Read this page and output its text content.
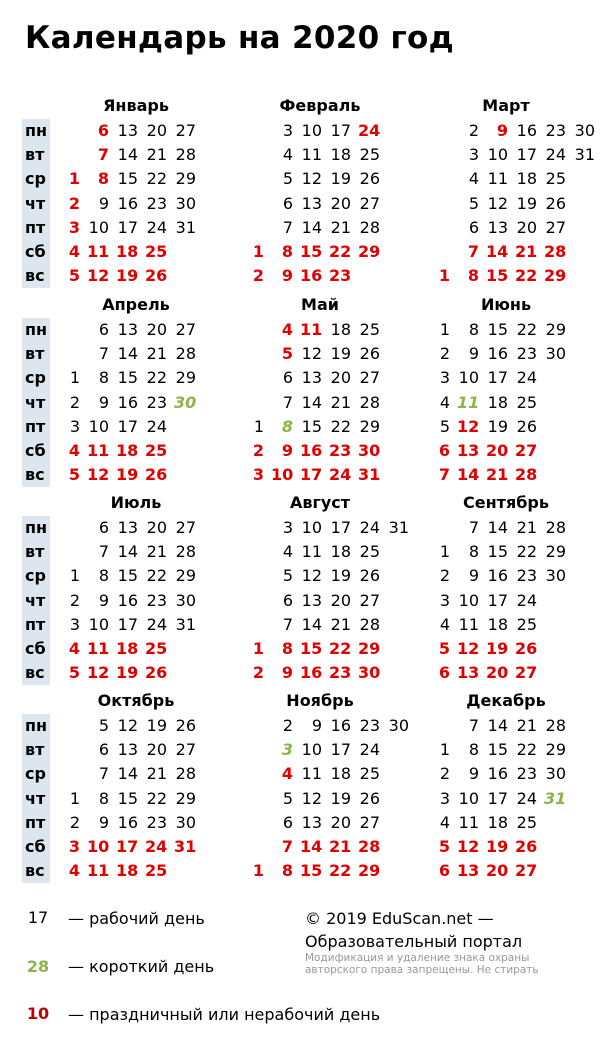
Календарь на 2020 год
пн
вт
ср
чт
пт
сб
вс
пн
вт
ср
чт
пт
сб
вс
пн
вт
ср
чт
пт
сб
вс
пн
вт
ср
чт
пт
сб
вс
Январь
1
2
3
4
5
6
7
8
9
10
11
12
13
14
15
16
17
18
19
20
21
22
23
24
25
26
27
28
29
30
31
Февраль
1
2
3
4
5
6
7
8
9
10
11
12
13
14
15
16
17
18
19
20
21
22
23
24
25
26
27
28
29
Март
1
2
3
4
5
6
7
8
9
10
11
12
13
14
15
16
17
18
19
20
21
22
23
24
25
26
27
28
29
30
31
Апрель
1
2
3
4
5
6
7
8
9
10
11
12
13
14
15
16
17
18
19
20
21
22
23
24
25
26
27
28
29
30
Май
1
2
3
4
5
6
7
8
9
10
11
12
13
14
15
16
17
18
19
20
21
22
23
24
25
26
27
28
29
30
31
Июнь
1
2
3
4
5
6
7
8
9
10
11
12
13
14
15
16
17
18
19
20
21
22
23
24
25
26
27
28
29
30
Июль
1
2
3
4
5
6
7
8
9
10
11
12
13
14
15
16
17
18
19
20
21
22
23
24
25
26
27
28
29
30
31
Август
1
2
3
4
5
6
7
8
9
10
11
12
13
14
15
16
17
18
19
20
21
22
23
24
25
26
27
28
29
30
31
Сентябрь
1
2
3
4
5
6
7
8
9
10
11
12
13
14
15
16
17
18
19
20
21
22
23
24
25
26
27
28
29
30
Октябрь
1
2
3
4
5
6
7
8
9
10
11
12
13
14
15
16
17
18
19
20
21
22
23
24
25
26
27
28
29
30
31
Ноябрь
1
2
3
4
5
6
7
8
9
10
11
12
13
14
15
16
17
18
19
20
21
22
23
24
25
26
27
28
29
30
Декабрь
1
2
3
4
5
6
7
8
9
10
11
12
13
14
15
16
17
18
19
20
21
22
23
24
25
26
27
28
29
30
31
17	— рабочий день
28 — короткий день
10 — праздничный или нерабочий день
© 2019 EduScan.net —
Образовательный портал
Модификация и удаление знака охраны
авторского права запрещены. Не стирать
